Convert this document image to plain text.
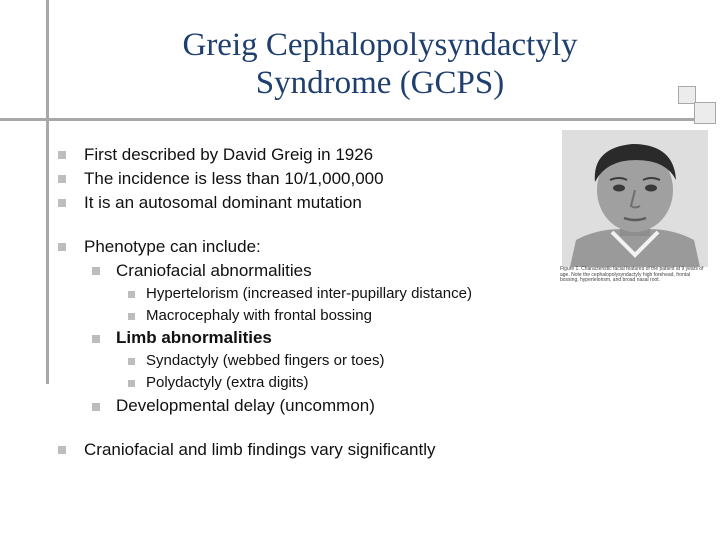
Greig Cephalopolysyndactyly
Syndrome (GCPS)
Figure 1. Characteristic facial features of the patient at 9 years of age. Note the cephalopolysyndactyly high forehead, frontal bossing, hypertelorism, and broad nasal root.
First described by David Greig in 1926
The incidence is less than 10/1,000,000
It is an autosomal dominant mutation
Phenotype can include:
Craniofacial abnormalities
Hypertelorism (increased inter-pupillary distance)
Macrocephaly with frontal bossing
Limb abnormalities
Syndactyly (webbed fingers or toes)
Polydactyly (extra digits)
Developmental delay (uncommon)
Craniofacial and limb findings vary significantly
